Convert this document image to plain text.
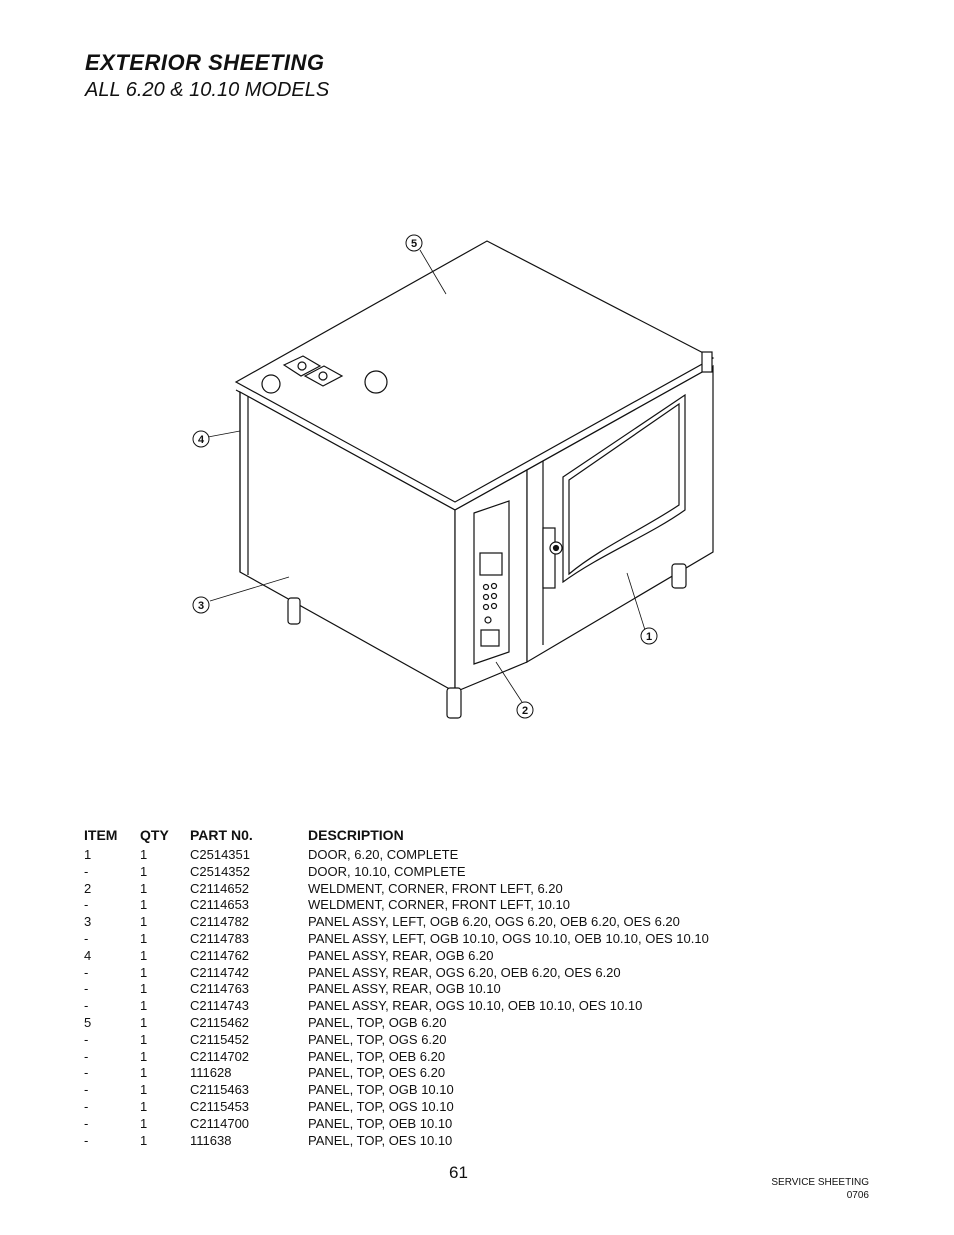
EXTERIOR SHEETING
ALL 6.20 & 10.10 MODELS
5
4
3
2
1
ITEM	QTY	PART N0.	DESCRIPTION
1	1	C2514351	DOOR, 6.20, COMPLETE
-	1	C2514352	DOOR, 10.10, COMPLETE
2	1	C2114652	WELDMENT, CORNER, FRONT LEFT, 6.20
-	1	C2114653	WELDMENT, CORNER, FRONT LEFT, 10.10
3	1	C2114782	PANEL ASSY, LEFT, OGB 6.20, OGS 6.20, OEB 6.20, OES 6.20
-	1	C2114783	PANEL ASSY, LEFT, OGB 10.10, OGS 10.10, OEB 10.10, OES 10.10
4	1	C2114762	PANEL ASSY, REAR, OGB 6.20
-	1	C2114742	PANEL ASSY, REAR, OGS 6.20, OEB 6.20, OES 6.20
-	1	C2114763	PANEL ASSY, REAR, OGB 10.10
-	1	C2114743	PANEL ASSY, REAR, OGS 10.10, OEB 10.10, OES 10.10
5	1	C2115462	PANEL, TOP, OGB 6.20
-	1	C2115452	PANEL, TOP, OGS 6.20
-	1	C2114702	PANEL, TOP, OEB 6.20
-	1	111628	PANEL, TOP, OES 6.20
-	1	C2115463	PANEL, TOP, OGB 10.10
-	1	C2115453	PANEL, TOP, OGS 10.10
-	1	C2114700	PANEL, TOP, OEB 10.10
-	1	111638	PANEL, TOP, OES 10.10
61
SERVICE SHEETING
0706
